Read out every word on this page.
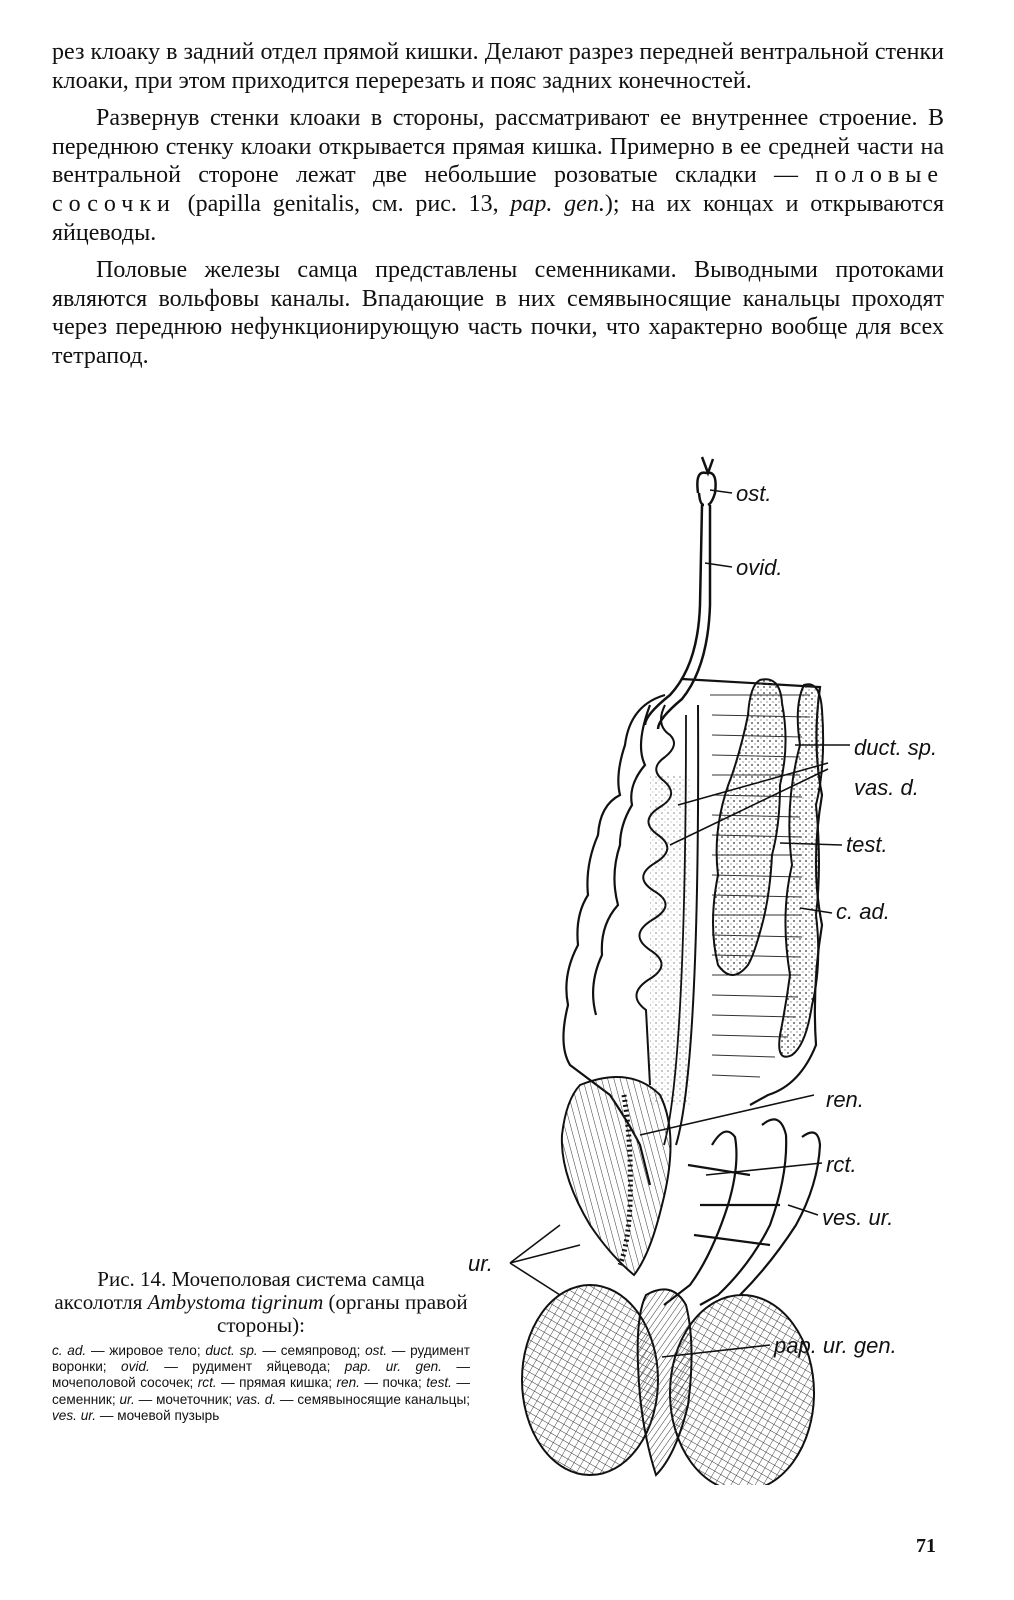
рез клоаку в задний отдел прямой кишки. Делают разрез передней вентральной стенки клоаки, при этом приходится перерезать и пояс задних конечностей.

Развернув стенки клоаки в стороны, рассматривают ее внутреннее строение. В переднюю стенку клоаки открывается прямая кишка. Примерно в ее средней части на вентральной стороне лежат две небольшие розоватые складки — половые сосочки (papilla genitalis, см. рис. 13, pap. gen.); на их концах и открываются яйцеводы.

Половые железы самца представлены семенниками. Выводными протоками являются вольфовы каналы. Впадающие в них семявыносящие канальцы проходят через переднюю нефункционирующую часть почки, что характерно вообще для всех тетрапод.

ost.
ovid.
duct. sp.
vas. d.
test.
c. ad.
ren.
ur.
rct.
ves. ur.
pap. ur. gen.

Рис. 14. Мочеполовая система самца аксолотля Ambystoma tigrinum (органы правой стороны):

c. ad. — жировое тело; duct. sp. — семяпровод; ost. — рудимент воронки; ovid. — рудимент яйцевода; pap. ur. gen. — мочеполовой сосочек; rct. — прямая кишка; ren. — почка; test. — семенник; ur. — мочеточник; vas. d. — семявыносящие канальцы; ves. ur. — мочевой пузырь

71
